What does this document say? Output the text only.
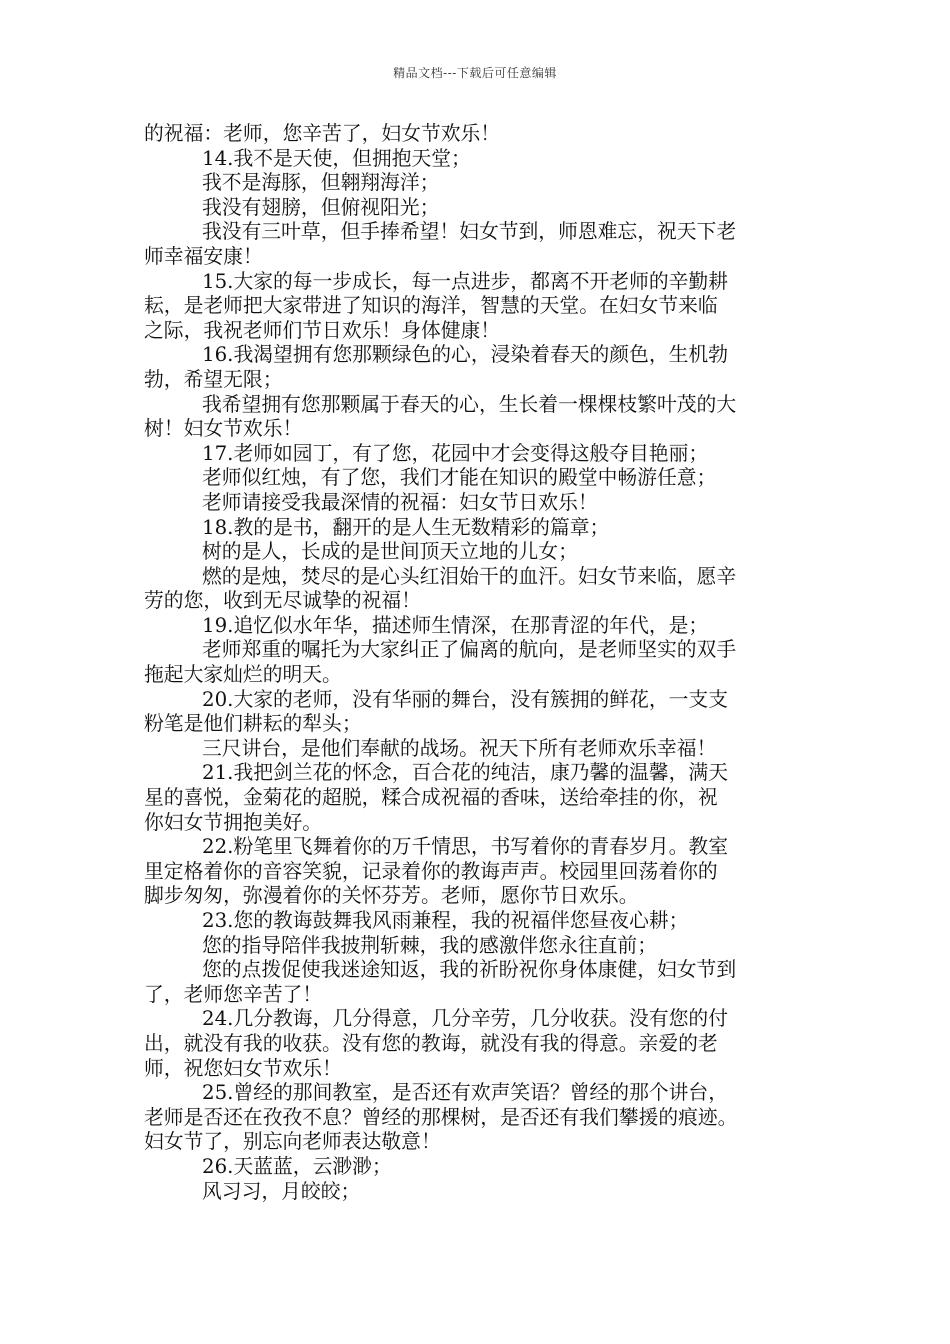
精品文档---下载后可任意编辑
的祝福：老师，您辛苦了，妇女节欢乐！
14.我不是天使，但拥抱天堂；
我不是海豚，但翱翔海洋；
我没有翅膀，但俯视阳光；
我没有三叶草，但手捧希望！妇女节到，师恩难忘，祝天下老
师幸福安康！
15.大家的每一步成长，每一点进步，都离不开老师的辛勤耕
耘，是老师把大家带进了知识的海洋，智慧的天堂。在妇女节来临
之际，我祝老师们节日欢乐！身体健康！
16.我渴望拥有您那颗绿色的心，浸染着春天的颜色，生机勃
勃，希望无限；
我希望拥有您那颗属于春天的心，生长着一棵棵枝繁叶茂的大
树！妇女节欢乐！
17.老师如园丁，有了您，花园中才会变得这般夺目艳丽；
老师似红烛，有了您，我们才能在知识的殿堂中畅游任意；
老师请接受我最深情的祝福：妇女节日欢乐！
18.教的是书，翻开的是人生无数精彩的篇章；
树的是人，长成的是世间顶天立地的儿女；
燃的是烛，焚尽的是心头红泪始干的血汗。妇女节来临，愿辛
劳的您，收到无尽诚挚的祝福！
19.追忆似水年华，描述师生情深，在那青涩的年代，是；
老师郑重的嘱托为大家纠正了偏离的航向，是老师坚实的双手
拖起大家灿烂的明天。
20.大家的老师，没有华丽的舞台，没有簇拥的鲜花，一支支
粉笔是他们耕耘的犁头；
三尺讲台，是他们奉献的战场。祝天下所有老师欢乐幸福！
21.我把剑兰花的怀念，百合花的纯洁，康乃馨的温馨，满天
星的喜悦，金菊花的超脱，糅合成祝福的香味，送给牵挂的你，祝
你妇女节拥抱美好。
22.粉笔里飞舞着你的万千情思，书写着你的青春岁月。教室
里定格着你的音容笑貌，记录着你的教诲声声。校园里回荡着你的
脚步匆匆，弥漫着你的关怀芬芳。老师，愿你节日欢乐。
23.您的教诲鼓舞我风雨兼程，我的祝福伴您昼夜心耕；
您的指导陪伴我披荆斩棘，我的感激伴您永往直前；
您的点拨促使我迷途知返，我的祈盼祝你身体康健，妇女节到
了，老师您辛苦了！
24.几分教诲，几分得意，几分辛劳，几分收获。没有您的付
出，就没有我的收获。没有您的教诲，就没有我的得意。亲爱的老
师，祝您妇女节欢乐！
25.曾经的那间教室，是否还有欢声笑语？曾经的那个讲台，
老师是否还在孜孜不息？曾经的那棵树，是否还有我们攀援的痕迹。
妇女节了，别忘向老师表达敬意！
26.天蓝蓝，云渺渺；
风习习，月皎皎；
